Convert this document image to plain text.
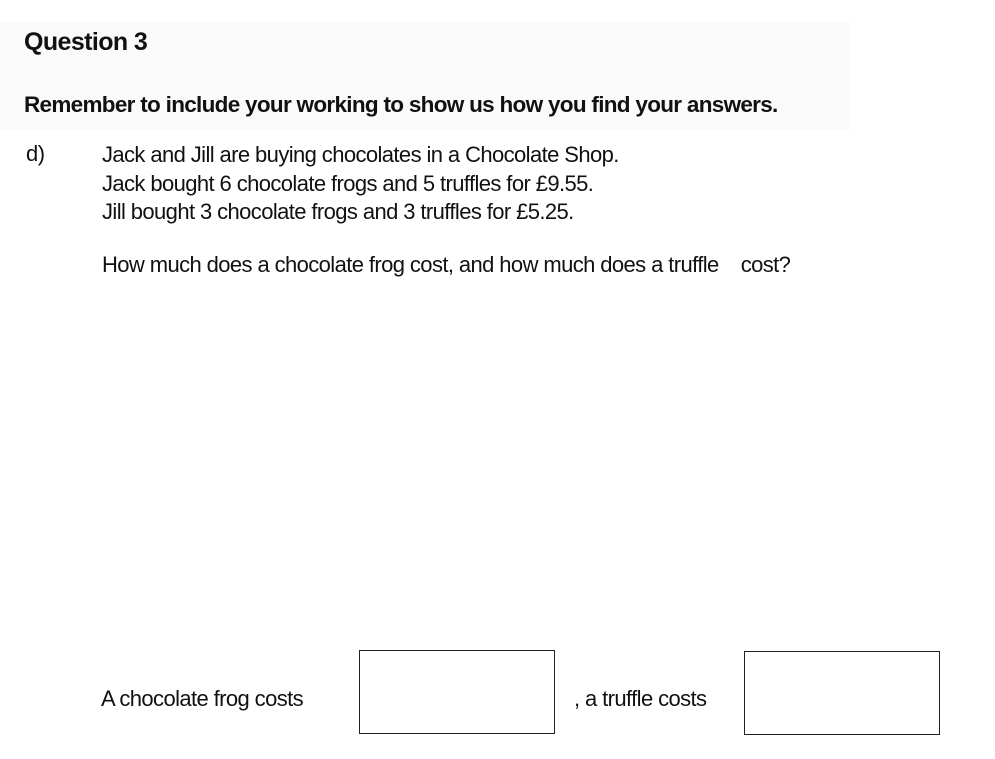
Question 3
Remember to include your working to show us how you find your answers.
d)	Jack and Jill are buying chocolates in a Chocolate Shop.
Jack bought 6 chocolate frogs and 5 truffles for £9.55.
Jill bought 3 chocolate frogs and 3 truffles for £5.25.
How much does a chocolate frog cost, and how much does a truffle    cost?
A chocolate frog costs	, a truffle costs
